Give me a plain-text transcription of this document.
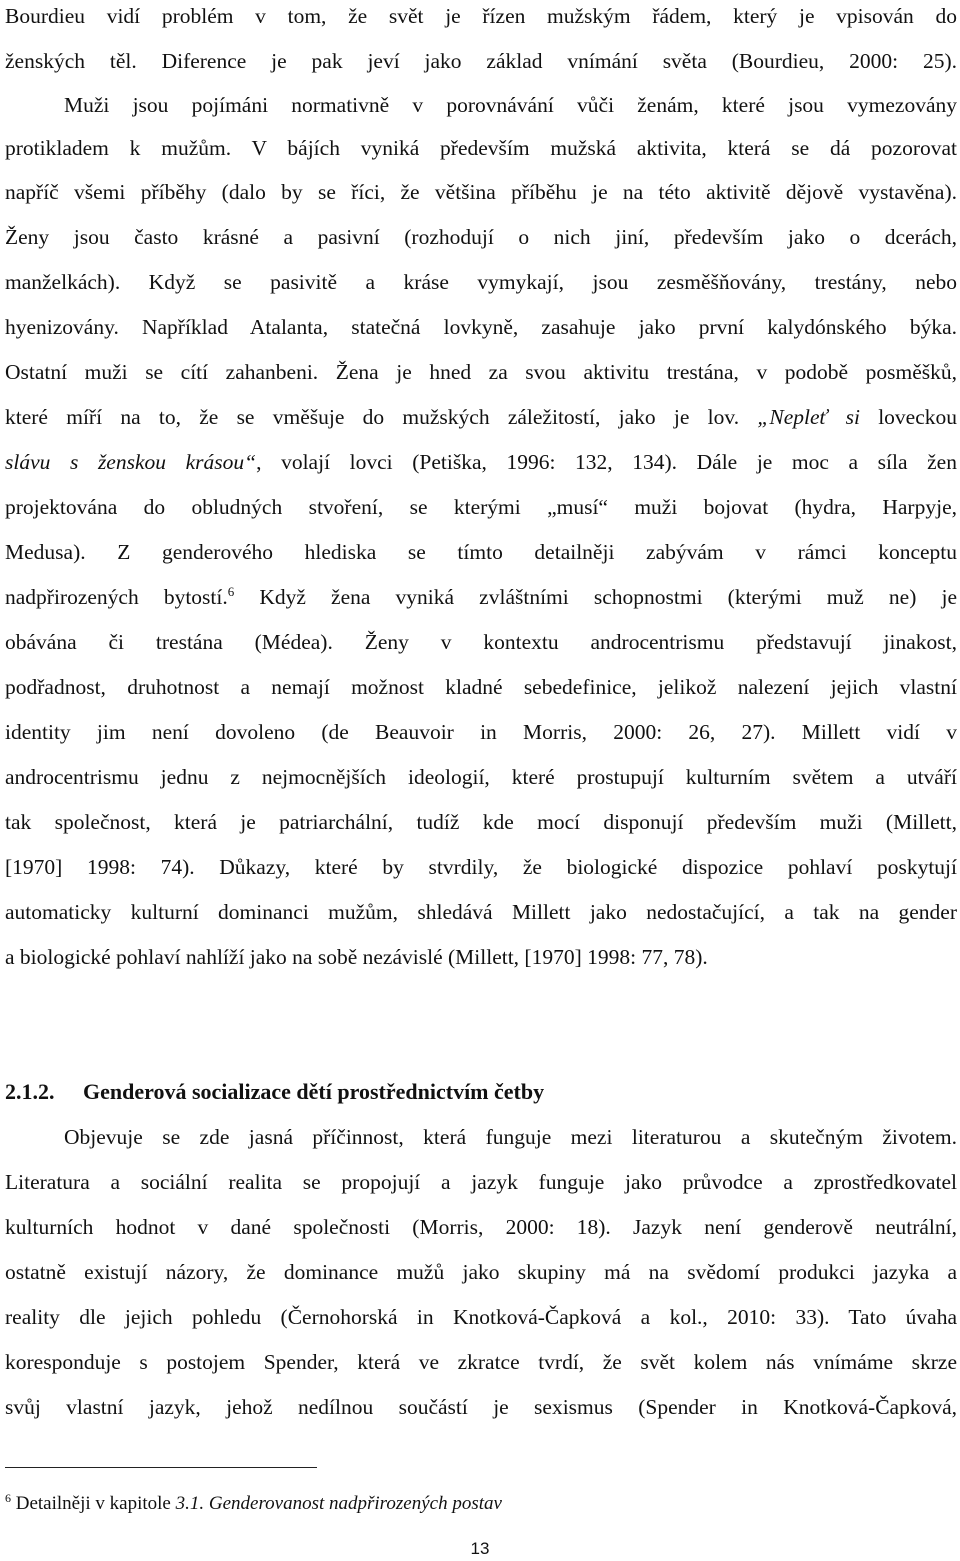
Bourdieu vidí problém v tom, že svět je řízen mužským řádem, který je vpisován do
ženských těl. Diference je pak jeví jako základ vnímání světa (Bourdieu, 2000: 25).
Muži jsou pojímáni normativně v porovnávání vůči ženám, které jsou vymezovány
protikladem k mužům. V bájích vyniká především mužská aktivita, která se dá pozorovat
napříč všemi příběhy (dalo by se říci, že většina příběhu je na této aktivitě dějově vystavěna).
Ženy jsou často krásné a pasivní (rozhodují o nich jiní, především jako o dcerách,
manželkách). Když se pasivitě a kráse vymykají, jsou zesměšňovány, trestány, nebo
hyenizovány. Například Atalanta, statečná lovkyně, zasahuje jako první kalydónského býka.
Ostatní muži se cítí zahanbeni. Žena je hned za svou aktivitu trestána, v podobě posměšků,
které míří na to, že se vměšuje do mužských záležitostí, jako je lov. „Nepleť si loveckou
slávu s ženskou krásou“, volají lovci (Petiška, 1996: 132, 134). Dále je moc a síla žen
projektována do obludných stvoření, se kterými „musí“ muži bojovat (hydra, Harpyje,
Medusa). Z genderového hlediska se tímto detailněji zabývám v rámci konceptu
nadpřirozených bytostí.$^6$ Když žena vyniká zvláštními schopnostmi (kterými muž ne) je
obávána či trestána (Médea). Ženy v kontextu androcentrismu představují jinakost,
podřadnost, druhotnost a nemají možnost kladné sebedefinice, jelikož nalezení jejich vlastní
identity jim není dovoleno (de Beauvoir in Morris, 2000: 26, 27). Millett vidí v
androcentrismu jednu z nejmocnějších ideologií, které prostupují kulturním světem a utváří
tak společnost, která je patriarchální, tudíž kde mocí disponují především muži (Millett,
[1970] 1998: 74). Důkazy, které by stvrdily, že biologické dispozice pohlaví poskytují
automaticky kulturní dominanci mužům, shledává Millett jako nedostačující, a tak na gender
a biologické pohlaví nahlíží jako na sobě nezávislé (Millett, [1970] 1998: 77, 78).
2.1.2. Genderová socializace dětí prostřednictvím četby
Objevuje se zde jasná příčinnost, která funguje mezi literaturou a skutečným životem.
Literatura a sociální realita se propojují a jazyk funguje jako průvodce a zprostředkovatel
kulturních hodnot v dané společnosti (Morris, 2000: 18). Jazyk není genderově neutrální,
ostatně existují názory, že dominance mužů jako skupiny má na svědomí produkci jazyka a
reality dle jejich pohledu (Černohorská in Knotková-Čapková a kol., 2010: 33). Tato úvaha
koresponduje s postojem Spender, která ve zkratce tvrdí, že svět kolem nás vnímáme skrze
svůj vlastní jazyk, jehož nedílnou součástí je sexismus (Spender in Knotková-Čapková,
$^6$ Detailněji v kapitole 3.1. Genderovanost nadpřirozených postav
13
